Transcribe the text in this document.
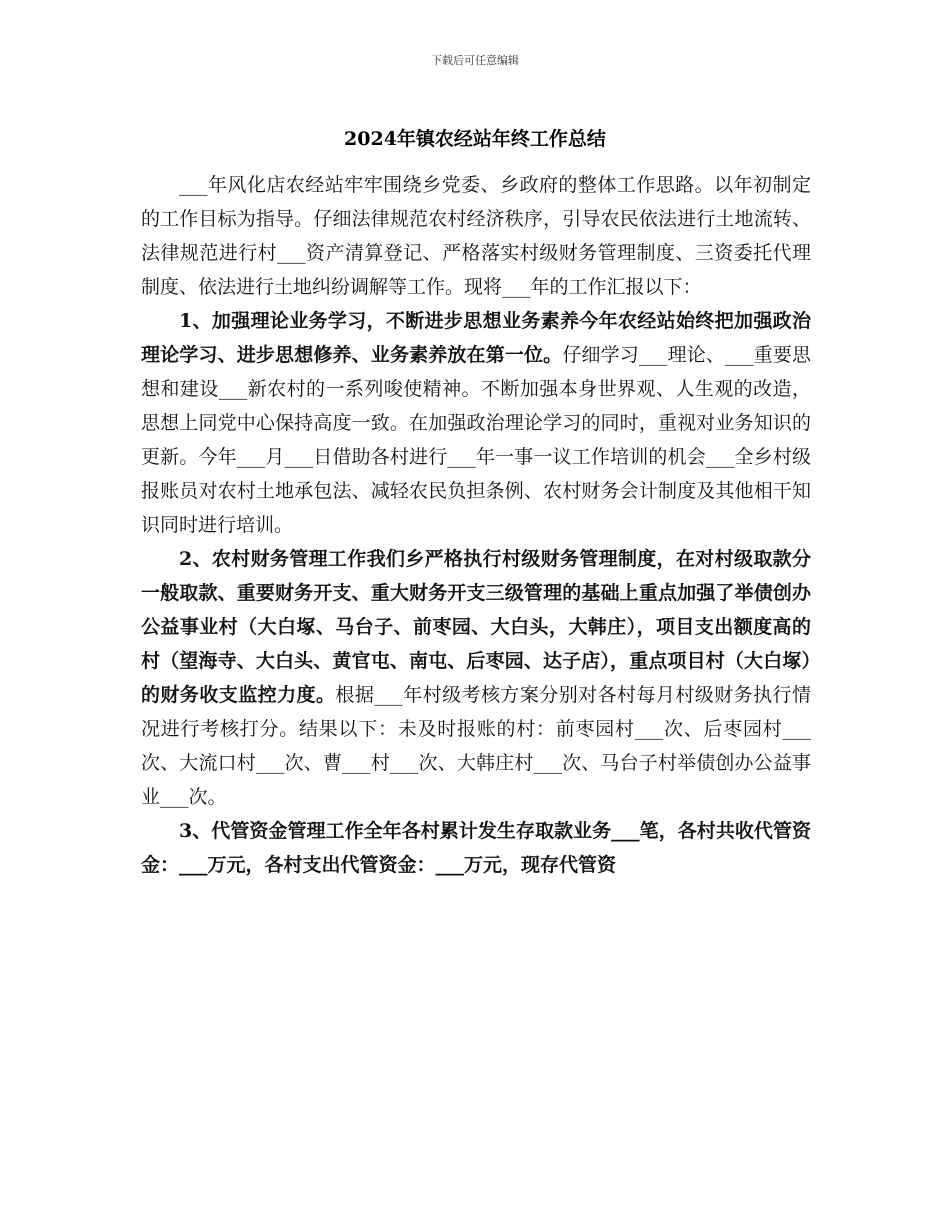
下载后可任意编辑
2024年镇农经站年终工作总结

___年风化店农经站牢牢围绕乡党委、乡政府的整体工作思路。以年初制定的工作目标为指导。仔细法律规范农村经济秩序，引导农民依法进行土地流转、法律规范进行村___资产清算登记、严格落实村级财务管理制度、三资委托代理制度、依法进行土地纠纷调解等工作。现将___年的工作汇报以下：

1、加强理论业务学习，不断进步思想业务素养今年农经站始终把加强政治理论学习、进步思想修养、业务素养放在第一位。仔细学习___理论、___重要思想和建设___新农村的一系列唆使精神。不断加强本身世界观、人生观的改造，思想上同党中心保持高度一致。在加强政治理论学习的同时，重视对业务知识的更新。今年___月___日借助各村进行___年一事一议工作培训的机会___全乡村级报账员对农村土地承包法、减轻农民负担条例、农村财务会计制度及其他相干知识同时进行培训。

2、农村财务管理工作我们乡严格执行村级财务管理制度，在对村级取款分一般取款、重要财务开支、重大财务开支三级管理的基础上重点加强了举债创办公益事业村（大白塚、马台子、前枣园、大白头，大韩庄），项目支出额度高的村（望海寺、大白头、黄官屯、南屯、后枣园、达子店），重点项目村（大白塚）的财务收支监控力度。根据___年村级考核方案分别对各村每月村级财务执行情况进行考核打分。结果以下：未及时报账的村：前枣园村___次、后枣园村___次、大流口村___次、曹___村___次、大韩庄村___次、马台子村举债创办公益事业___次。

3、代管资金管理工作全年各村累计发生存取款业务___笔，各村共收代管资金：___万元，各村支出代管资金：___万元，现存代管资
